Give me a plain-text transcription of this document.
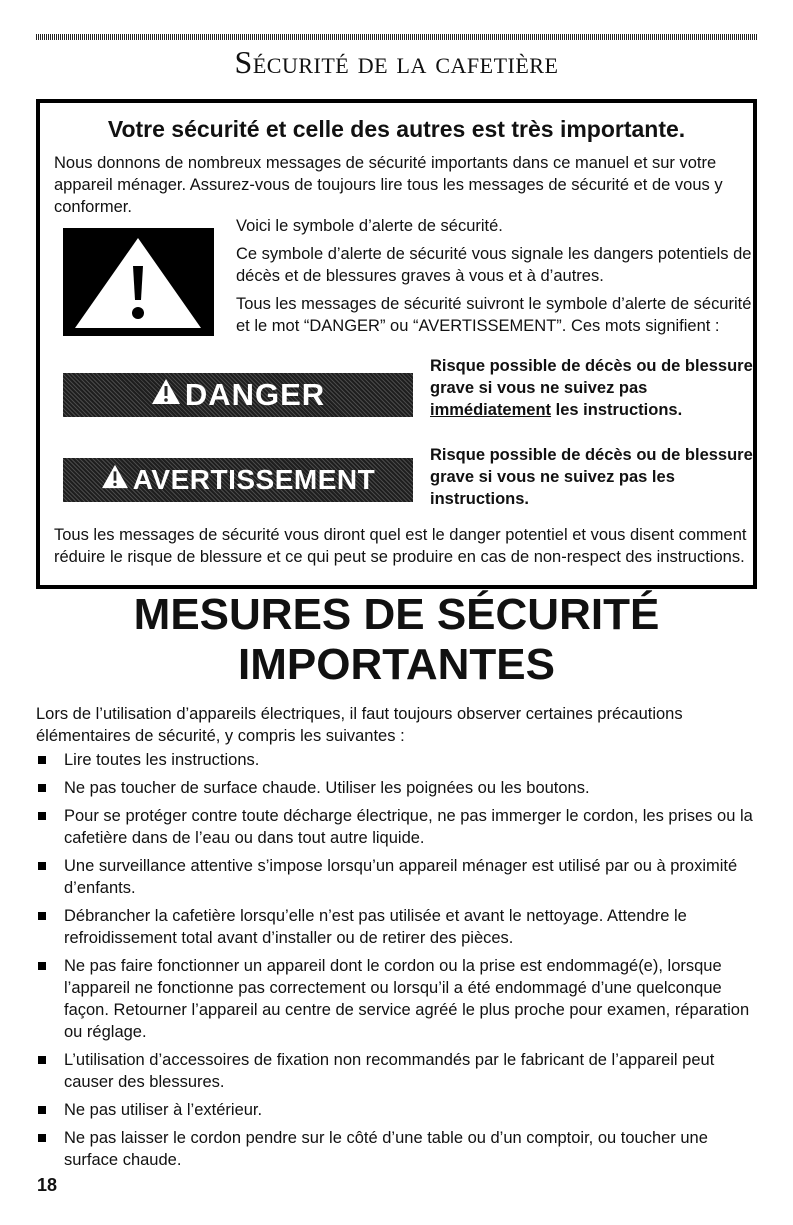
Sécurité de la cafetière
Votre sécurité et celle des autres est très importante.

Nous donnons de nombreux messages de sécurité importants dans ce manuel et sur votre appareil ménager. Assurez-vous de toujours lire tous les messages de sécurité et de vous y conformer.

Voici le symbole d’alerte de sécurité.

Ce symbole d’alerte de sécurité vous signale les dangers potentiels de décès et de blessures graves à vous et à d’autres.

Tous les messages de sécurité suivront le symbole d’alerte de sécurité et le mot “DANGER” ou “AVERTISSEMENT”. Ces mots signifient :

DANGER

Risque possible de décès ou de blessure grave si vous ne suivez pas immédiatement les instructions.

AVERTISSEMENT

Risque possible de décès ou de blessure grave si vous ne suivez pas les instructions.

Tous les messages de sécurité vous diront quel est le danger potentiel et vous disent comment réduire le risque de blessure et ce qui peut se produire en cas de non-respect des instructions.

MESURES DE SÉCURITÉ
IMPORTANTES

Lors de l’utilisation d’appareils électriques, il faut toujours observer certaines précautions élémentaires de sécurité, y compris les suivantes :

Lire toutes les instructions.
Ne pas toucher de surface chaude. Utiliser les poignées ou les boutons.
Pour se protéger contre toute décharge électrique, ne pas immerger le cordon, les prises ou la cafetière dans de l’eau ou dans tout autre liquide.
Une surveillance attentive s’impose lorsqu’un appareil ménager est utilisé par ou à proximité d’enfants.
Débrancher la cafetière lorsqu’elle n’est pas utilisée et avant le nettoyage. Attendre le refroidissement total avant d’installer ou de retirer des pièces.
Ne pas faire fonctionner un appareil dont le cordon ou la prise est endommagé(e), lorsque l’appareil ne fonctionne pas correctement ou lorsqu’il a été endommagé d’une quelconque façon. Retourner l’appareil au centre de service agréé le plus proche pour examen, réparation ou réglage.
L’utilisation d’accessoires de fixation non recommandés par le fabricant de l’appareil peut causer des blessures.
Ne pas utiliser à l’extérieur.
Ne pas laisser le cordon pendre sur le côté d’une table ou d’un comptoir, ou toucher une surface chaude.

18
